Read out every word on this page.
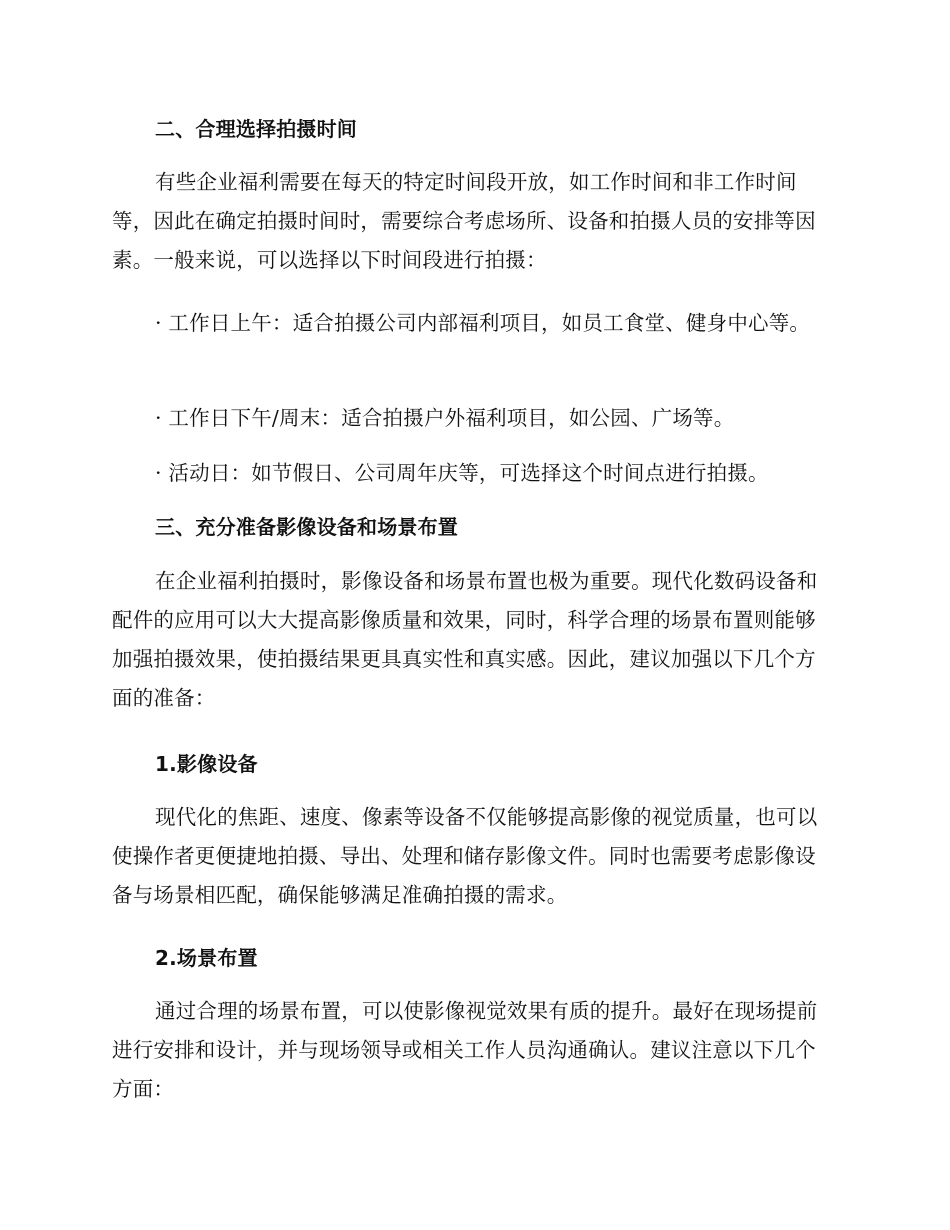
二、合理选择拍摄时间

有些企业福利需要在每天的特定时间段开放，如工作时间和非工作时间等，因此在确定拍摄时间时，需要综合考虑场所、设备和拍摄人员的安排等因素。一般来说，可以选择以下时间段进行拍摄：

· 工作日上午：适合拍摄公司内部福利项目，如员工食堂、健身中心等。

· 工作日下午/周末：适合拍摄户外福利项目，如公园、广场等。

· 活动日：如节假日、公司周年庆等，可选择这个时间点进行拍摄。

三、充分准备影像设备和场景布置

在企业福利拍摄时，影像设备和场景布置也极为重要。现代化数码设备和配件的应用可以大大提高影像质量和效果，同时，科学合理的场景布置则能够加强拍摄效果，使拍摄结果更具真实性和真实感。因此，建议加强以下几个方面的准备：

1.影像设备

现代化的焦距、速度、像素等设备不仅能够提高影像的视觉质量，也可以使操作者更便捷地拍摄、导出、处理和储存影像文件。同时也需要考虑影像设备与场景相匹配，确保能够满足准确拍摄的需求。

2.场景布置

通过合理的场景布置，可以使影像视觉效果有质的提升。最好在现场提前进行安排和设计，并与现场领导或相关工作人员沟通确认。建议注意以下几个方面：
